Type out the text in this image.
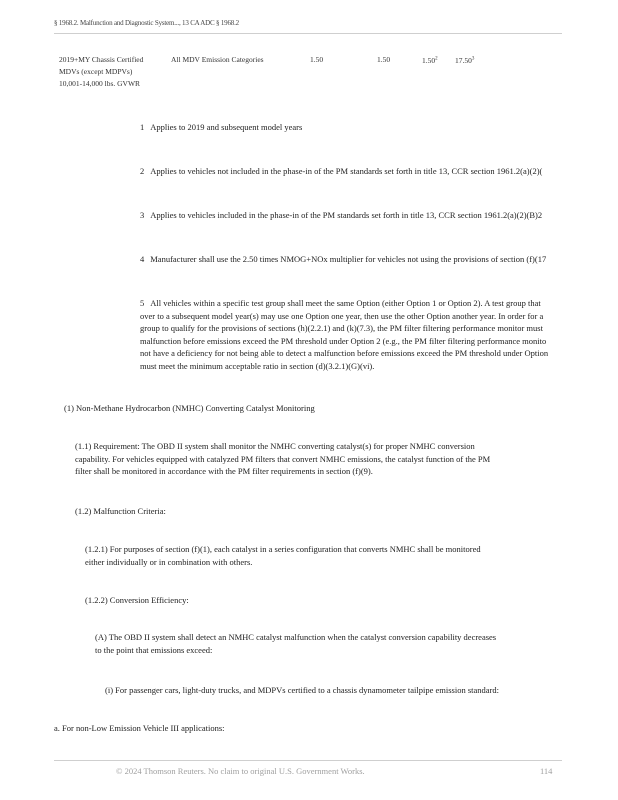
§ 1968.2. Malfunction and Diagnostic System..., 13 CA ADC § 1968.2
2019+MY Chassis Certified
MDVs (except MDPVs)
10,001-14,000 lbs. GVWR
All MDV Emission Categories	1.50	1.50	1.50$^2$ 17.50$^3$
1 Applies to 2019 and subsequent model years
2 Applies to vehicles not included in the phase-in of the PM standards set forth in title 13, CCR section 1961.2(a)(2)(
3 Applies to vehicles included in the phase-in of the PM standards set forth in title 13, CCR section 1961.2(a)(2)(B)2
4 Manufacturer shall use the 2.50 times NMOG+NOx multiplier for vehicles not using the provisions of section (f)(17
5 All vehicles within a specific test group shall meet the same Option (either Option 1 or Option 2). A test group that
over to a subsequent model year(s) may use one Option one year, then use the other Option another year. In order for a
group to qualify for the provisions of sections (h)(2.2.1) and (k)(7.3), the PM filter filtering performance monitor must
malfunction before emissions exceed the PM threshold under Option 2 (e.g., the PM filter filtering performance monito
not have a deficiency for not being able to detect a malfunction before emissions exceed the PM threshold under Option
must meet the minimum acceptable ratio in section (d)(3.2.1)(G)(vi).
(1) Non-Methane Hydrocarbon (NMHC) Converting Catalyst Monitoring
(1.1) Requirement: The OBD II system shall monitor the NMHC converting catalyst(s) for proper NMHC conversion
capability. For vehicles equipped with catalyzed PM filters that convert NMHC emissions, the catalyst function of the PM
filter shall be monitored in accordance with the PM filter requirements in section (f)(9).
(1.2) Malfunction Criteria:
(1.2.1) For purposes of section (f)(1), each catalyst in a series configuration that converts NMHC shall be monitored
either individually or in combination with others.
(1.2.2) Conversion Efficiency:
(A) The OBD II system shall detect an NMHC catalyst malfunction when the catalyst conversion capability decreases
to the point that emissions exceed:
(i) For passenger cars, light-duty trucks, and MDPVs certified to a chassis dynamometer tailpipe emission standard:
a. For non-Low Emission Vehicle III applications:
© 2024 Thomson Reuters. No claim to original U.S. Government Works.	114
